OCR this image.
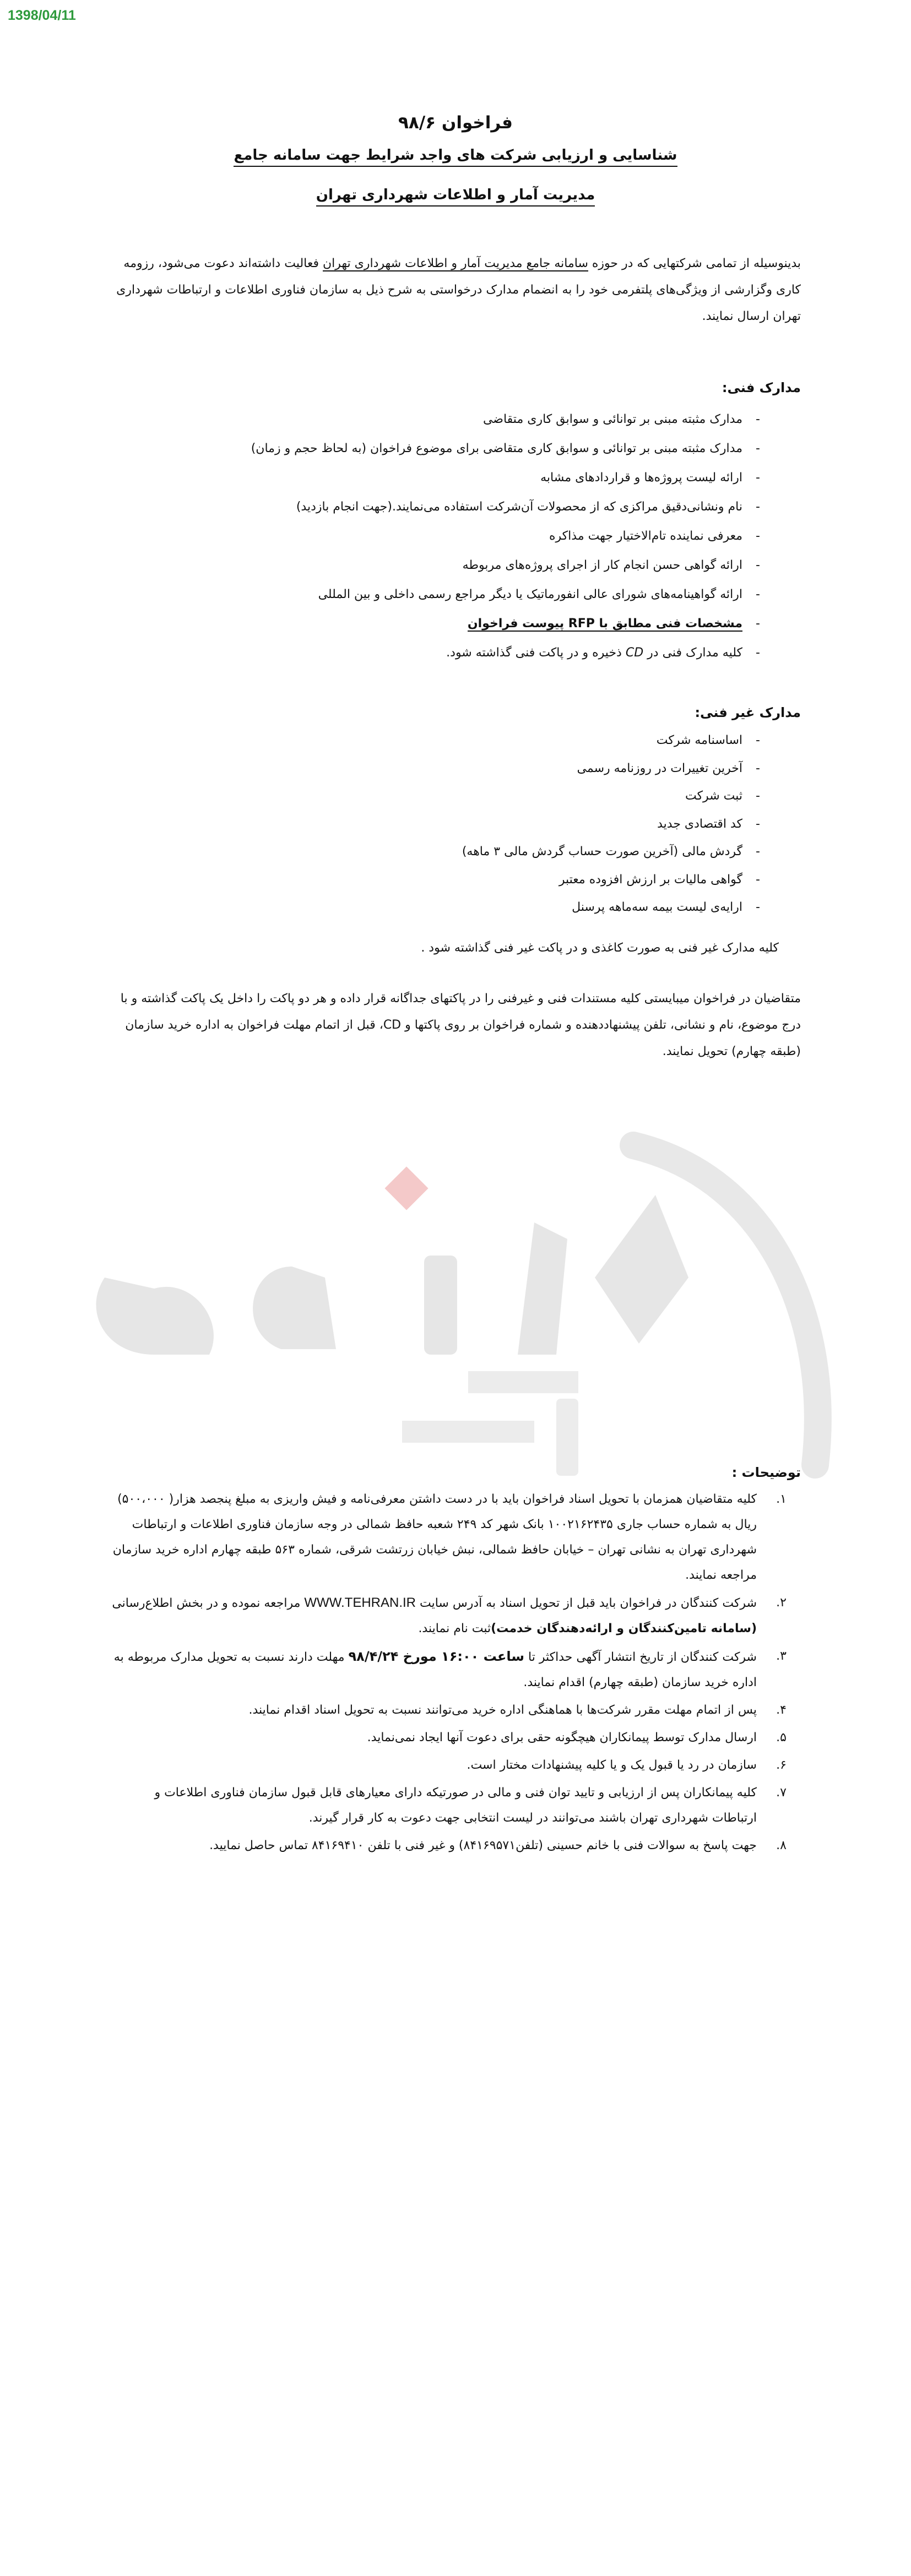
1398/04/11
فراخوان ۹۸/۶
شناسایی و ارزیابی شرکت های واجد شرایط جهت سامانه جامع
مدیریت آمار و اطلاعات شهرداری تهران
بدینوسیله از تمامی شرکتهایی که در حوزه سامانه جامع مدیریت آمار و اطلاعات شهرداری تهران فعالیت داشته‌اند دعوت می‌شود، رزومه کاری وگزارشی از ویژگی‌های پلتفرمی خود را به انضمام مدارک درخواستی به شرح ذیل به سازمان فناوری اطلاعات و ارتباطات شهرداری تهران ارسال نمایند.
مدارک فنی:
- مدارک مثبته مبنی بر توانائی و سوابق کاری متقاضی
- مدارک مثبته مبنی بر توانائی و سوابق کاری متقاضی برای موضوع فراخوان (به لحاظ حجم و زمان)
- ارائه لیست پروژه‌ها و قراردادهای مشابه
- نام ونشانی‌دقیق مراکزی که از محصولات آن‌شرکت استفاده می‌نمایند.(جهت انجام بازدید)
- معرفی نماینده تام‌الاختیار جهت مذاکره
- ارائه گواهی حسن انجام کار از اجرای پروژه‌های مربوطه
- ارائه گواهینامه‌های شورای عالی انفورماتیک یا دیگر مراجع رسمی داخلی و بین المللی
- مشخصات فنی مطابق با RFP پیوست فراخوان
- کلیه مدارک فنی در CD ذخیره و در پاکت فنی گذاشته شود.
مدارک غیر فنی:
- اساسنامه شرکت
- آخرین تغییرات در روزنامه رسمی
- ثبت شرکت
- کد اقتصادی جدید
- گردش مالی (آخرین صورت حساب گردش مالی ۳ ماهه)
- گواهی مالیات بر ارزش افزوده معتبر
- ارایه‌ی لیست بیمه سه‌ماهه پرسنل
کلیه مدارک غیر فنی به صورت کاغذی و در پاکت غیر فنی گذاشته شود .
متقاضیان در فراخوان میبایستی کلیه مستندات فنی و غیرفنی را در پاکتهای جداگانه قرار داده و هر دو پاکت را داخل یک پاکت گذاشته و با درج موضوع، نام و نشانی، تلفن پیشنهاددهنده و شماره فراخوان بر روی پاکتها و CD، قبل از اتمام مهلت فراخوان به اداره خرید سازمان (طبقه چهارم) تحویل نمایند.
توضیحات :
۱.
کلیه متقاضیان همزمان با تحویل اسناد فراخوان باید با در دست داشتن معرفی‌نامه و فیش واریزی به مبلغ پنجصد هزار( ۵۰۰،۰۰۰) ریال به شماره حساب جاری ۱۰۰۲۱۶۲۴۳۵ بانک شهر کد ۲۴۹ شعبه حافظ شمالی در وجه سازمان فناوری اطلاعات و ارتباطات شهرداری تهران به نشانی تهران – خیابان حافظ شمالی، نبش خیابان زرتشت شرقی، شماره ۵۶۳ طبقه چهارم اداره خرید سازمان مراجعه نمایند.
۲.
شرکت کنندگان در فراخوان باید قبل از تحویل اسناد به آدرس سایت WWW.TEHRAN.IR مراجعه نموده و در بخش اطلاع‌رسانی (سامانه تامین‌کنندگان و ارائه‌دهندگان خدمت)ثبت نام نمایند.
۳.
شرکت کنندگان از تاریخ انتشار آگهی حداکثر تا ساعت ۱۶:۰۰ مورخ ۹۸/۴/۲۴ مهلت دارند نسبت به تحویل مدارک مربوطه به اداره خرید سازمان (طبقه چهارم) اقدام نمایند.
۴.
پس از اتمام مهلت مقرر شرکت‌ها با هماهنگی اداره خرید می‌توانند نسبت به تحویل اسناد اقدام نمایند.
۵.
ارسال مدارک توسط پیمانکاران هیچگونه حقی برای دعوت آنها ایجاد نمی‌نماید.
۶.
سازمان در رد یا قبول یک و یا کلیه پیشنهادات مختار است.
۷.
کلیه پیمانکاران پس از ارزیابی و تایید توان فنی و مالی در صورتیکه دارای معیارهای قابل قبول سازمان فناوری اطلاعات و ارتباطات شهرداری تهران باشند می‌توانند در لیست انتخابی جهت دعوت به کار قرار گیرند.
۸.
جهت پاسخ به سوالات فنی با خانم حسینی (تلفن۸۴۱۶۹۵۷۱) و غیر فنی با تلفن ۸۴۱۶۹۴۱۰ تماس حاصل نمایید.
